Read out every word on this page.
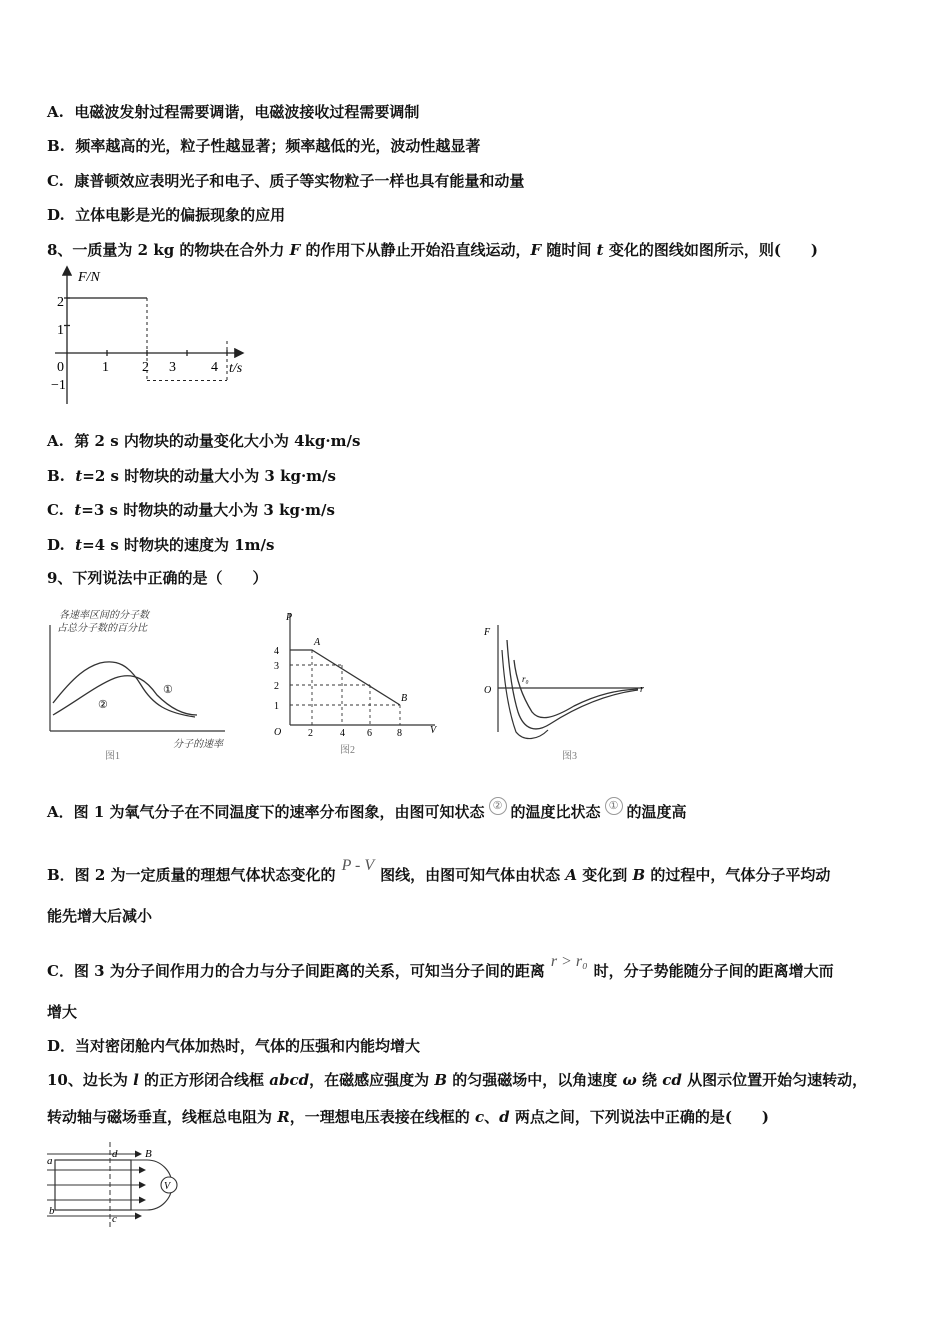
A. 电磁波发射过程需要调谐，电磁波接收过程需要调制
B. 频率越高的光，粒子性越显著；频率越低的光，波动性越显著
C. 康普顿效应表明光子和电子、质子等实物粒子一样也具有能量和动量
D. 立体电影是光的偏振现象的应用
8、一质量为 2 kg 的物块在合外力 F 的作用下从静止开始沿直线运动，F 随时间 t 变化的图线如图所示，则(　　)
F/N
t/s
0	1 2 3	4
2
1
−1
A. 第 2 s 内物块的动量变化大小为 4kg·m/s
B. t=2 s 时物块的动量大小为 3 kg·m/s
C. t=3 s 时物块的动量大小为 3 kg·m/s
D. t=4 s 时物块的速度为 1m/s
9、下列说法中正确的是（　　）
各速率区间的分子数
占总分子数的百分比
①
②
分子的速率
图1
P
V
O
4
3
2
1
2	4 6	8
A
B
图2
F
r
O
r₀
图3
A．图 1 为氧气分子在不同温度下的速率分布图象，由图可知状态 ② 的温度比状态 ① 的温度高
B．图 2 为一定质量的理想气体状态变化的P - V图线，由图可知气体由状态 A 变化到 B 的过程中，气体分子平均动
能先增大后减小
C．图 3 为分子间作用力的合力与分子间距离的关系，可知当分子间的距离r > r₀时，分子势能随分子间的距离增大而
增大
D．当对密闭舱内气体加热时，气体的压强和内能均增大
10、边长为 l 的正方形闭合线框 abcd，在磁感应强度为 B 的匀强磁场中，以角速度 ω 绕 cd 从图示位置开始匀速转动，
转动轴与磁场垂直，线框总电阻为 R，一理想电压表接在线框的 c、d 两点之间，下列说法中正确的是(　　)
V
a
b
d
c
B
